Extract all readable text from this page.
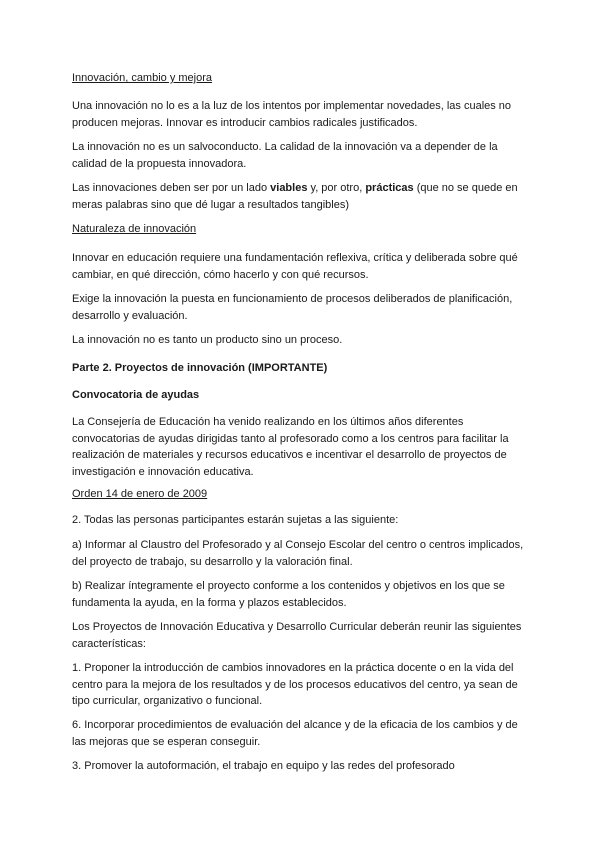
Innovación, cambio y mejora

Una innovación no lo es a la luz de los intentos por implementar novedades, las cuales no producen mejoras. Innovar es introducir cambios radicales justificados.

La innovación no es un salvoconducto. La calidad de la innovación va a depender de la calidad de la propuesta innovadora.

Las innovaciones deben ser por un lado viables y, por otro, prácticas (que no se quede en meras palabras sino que dé lugar a resultados tangibles)

Naturaleza de innovación

Innovar en educación requiere una fundamentación reflexiva, crítica y deliberada sobre qué cambiar, en qué dirección, cómo hacerlo y con qué recursos.

Exige la innovación la puesta en funcionamiento de procesos deliberados de planificación, desarrollo y evaluación.

La innovación no es tanto un producto sino un proceso.

Parte 2. Proyectos de innovación (IMPORTANTE)

Convocatoria de ayudas

La Consejería de Educación ha venido realizando en los últimos años diferentes convocatorias de ayudas dirigidas tanto al profesorado como a los centros para facilitar la realización de materiales y recursos educativos e incentivar el desarrollo de proyectos de investigación e innovación educativa.

Orden 14 de enero de 2009

2. Todas las personas participantes estarán sujetas a las siguiente:

a) Informar al Claustro del Profesorado y al Consejo Escolar del centro o centros implicados, del proyecto de trabajo, su desarrollo y la valoración final.

b) Realizar íntegramente el proyecto conforme a los contenidos y objetivos en los que se fundamenta la ayuda, en la forma y plazos establecidos.

Los Proyectos de Innovación Educativa y Desarrollo Curricular deberán reunir las siguientes características:

1. Proponer la introducción de cambios innovadores en la práctica docente o en la vida del centro para la mejora de los resultados y de los procesos educativos del centro, ya sean de tipo curricular, organizativo o funcional.

6. Incorporar procedimientos de evaluación del alcance y de la eficacia de los cambios y de las mejoras que se esperan conseguir.

3. Promover la autoformación, el trabajo en equipo y las redes del profesorado
